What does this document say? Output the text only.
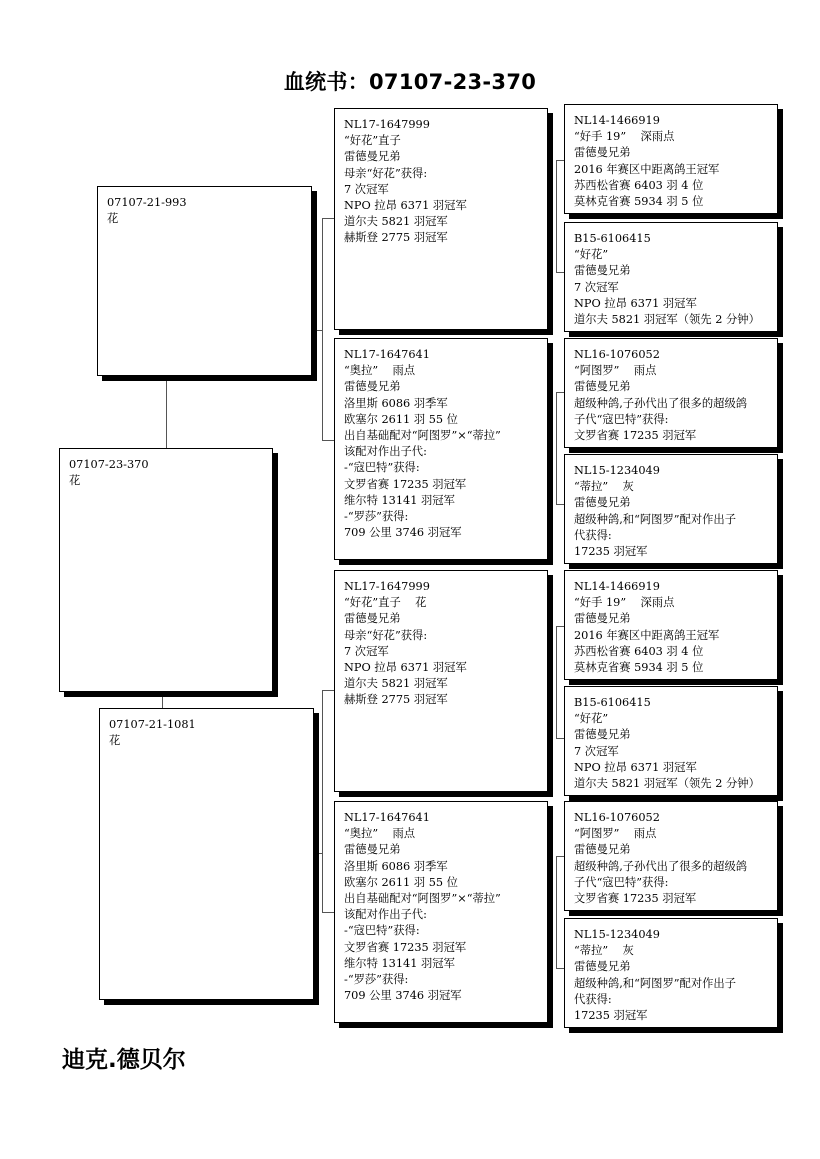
血统书：07107-23-370
07107-21-993
花
07107-23-370
花
07107-21-1081
花
NL17-1647999
“好花”直子
雷德曼兄弟
母亲“好花”获得:
7 次冠军
NPO 拉昂 6371 羽冠军
道尔夫 5821 羽冠军
赫斯登 2775 羽冠军
NL17-1647641
“奥拉”    雨点
雷德曼兄弟
洛里斯 6086 羽季军
欧塞尔 2611 羽 55 位
出自基础配对“阿图罗”×“蒂拉”
该配对作出子代:
-“寇巴特”获得:
文罗省赛 17235 羽冠军
维尔特 13141 羽冠军
-“罗莎”获得:
709 公里 3746 羽冠军
NL17-1647999
“好花”直子    花
雷德曼兄弟
母亲“好花”获得:
7 次冠军
NPO 拉昂 6371 羽冠军
道尔夫 5821 羽冠军
赫斯登 2775 羽冠军
NL17-1647641
“奥拉”    雨点
雷德曼兄弟
洛里斯 6086 羽季军
欧塞尔 2611 羽 55 位
出自基础配对“阿图罗”×“蒂拉”
该配对作出子代:
-“寇巴特”获得:
文罗省赛 17235 羽冠军
维尔特 13141 羽冠军
-“罗莎”获得:
709 公里 3746 羽冠军
NL14-1466919
“好手 19”    深雨点
雷德曼兄弟
2016 年赛区中距离鸽王冠军
苏西松省赛 6403 羽 4 位
莫林克省赛 5934 羽 5 位
B15-6106415
“好花”
雷德曼兄弟
7 次冠军
NPO 拉昂 6371 羽冠军
道尔夫 5821 羽冠军（领先 2 分钟）
NL16-1076052
“阿图罗”    雨点
雷德曼兄弟
超级种鸽,子孙代出了很多的超级鸽
子代“寇巴特”获得:
文罗省赛 17235 羽冠军
NL15-1234049
“蒂拉”    灰
雷德曼兄弟
超级种鸽,和“阿图罗”配对作出子
代获得:
17235 羽冠军
NL14-1466919
“好手 19”    深雨点
雷德曼兄弟
2016 年赛区中距离鸽王冠军
苏西松省赛 6403 羽 4 位
莫林克省赛 5934 羽 5 位
B15-6106415
“好花”
雷德曼兄弟
7 次冠军
NPO 拉昂 6371 羽冠军
道尔夫 5821 羽冠军（领先 2 分钟）
NL16-1076052
“阿图罗”    雨点
雷德曼兄弟
超级种鸽,子孙代出了很多的超级鸽
子代“寇巴特”获得:
文罗省赛 17235 羽冠军
NL15-1234049
“蒂拉”    灰
雷德曼兄弟
超级种鸽,和“阿图罗”配对作出子
代获得:
17235 羽冠军
迪克.德贝尔
